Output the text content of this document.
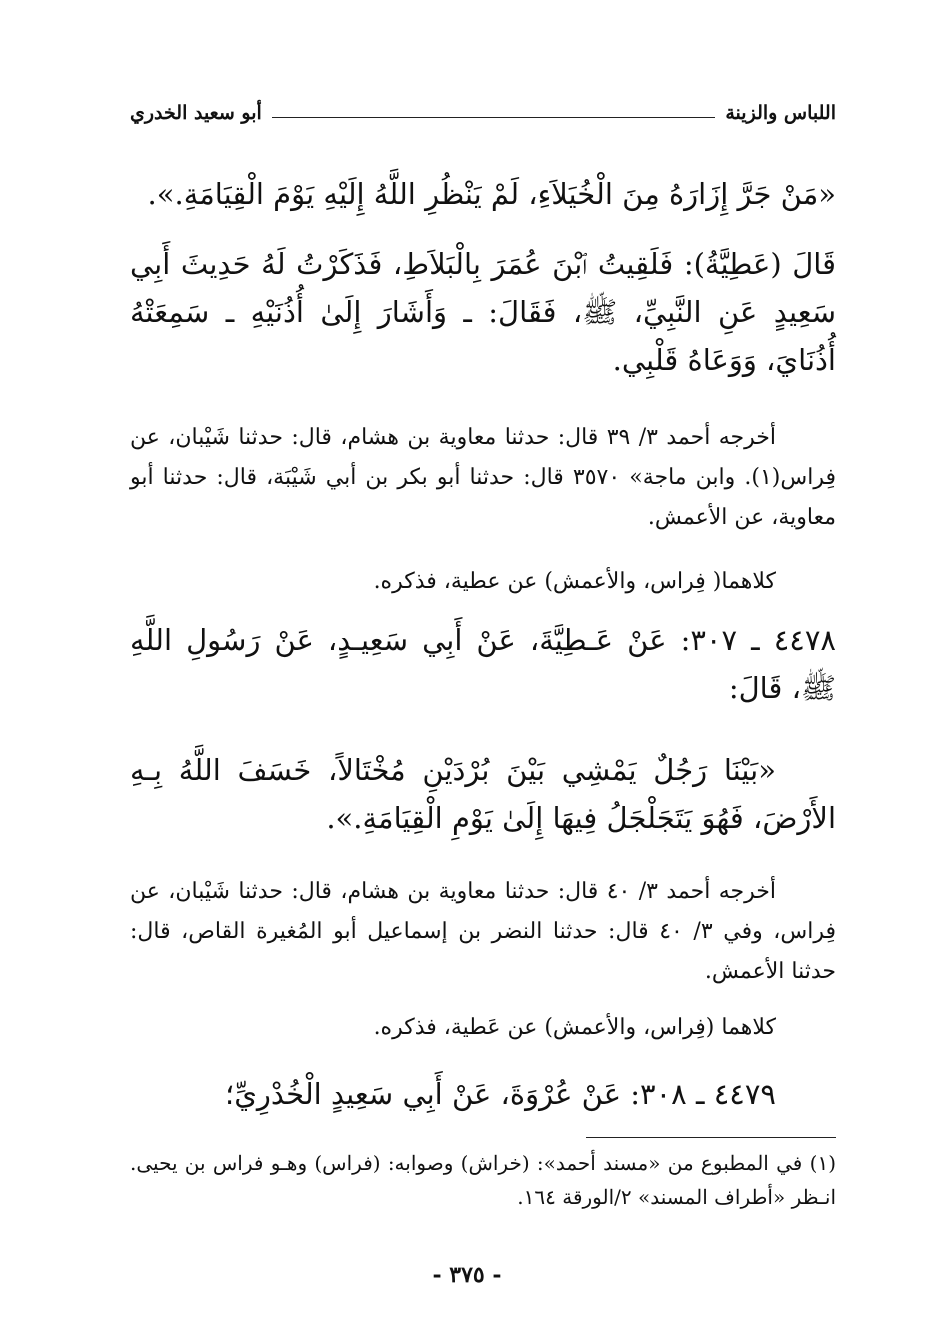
اللباس والزينة
أبو سعيد الخدري
«مَنْ جَرَّ إِزَارَهُ مِنَ الْخُيَلاَءِ، لَمْ يَنْظُرِ اللَّهُ إِلَيْهِ يَوْمَ الْقِيَامَةِ.».
قَالَ (عَطِيَّةُ): فَلَقِيتُ ٱبْنَ عُمَرَ بِالْبَلاَطِ، فَذَكَرْتُ لَهُ حَدِيثَ أَبِي سَعِيدٍ عَنِ النَّبِيِّ، ﷺ، فَقَالَ: ـ وَأَشَارَ إِلَىٰ أُذُنَيْهِ ـ سَمِعَتْهُ أُذُنَايَ، وَوَعَاهُ قَلْبِي.
أخرجه أحمد ٣/ ٣٩ قال: حدثنا معاوية بن هشام، قال: حدثنا شَيْبان، عن فِراس(١). وابن ماجة» ٣٥٧٠ قال: حدثنا أبو بكر بن أبي شَيْبَة، قال: حدثنا أبو معاوية، عن الأعمش.
كلاهما( فِراس، والأعمش) عن عطية، فذكره.
٤٤٧٨ ـ ٣٠٧: عَنْ عَـطِيَّةَ، عَنْ أَبِي سَعِيـدٍ، عَنْ رَسُولِ اللَّهِ ﷺ، قَالَ:
«بَيْنَا رَجُلٌ يَمْشِي بَيْنَ بُرْدَيْنِ مُخْتَالاً، خَسَفَ اللَّهُ بِـهِ الأَرْضَ، فَهُوَ يَتَجَلْجَلُ فِيهَا إِلَىٰ يَوْمِ الْقِيَامَةِ.».
أخرجه أحمد ٣/ ٤٠ قال: حدثنا معاوية بن هشام، قال: حدثنا شَيْبان، عن فِراس، وفي ٣/ ٤٠ قال: حدثنا النضر بن إسماعيل أبو المُغيرة القاص، قال: حدثنا الأعمش.
كلاهما (فِراس، والأعمش) عن عَطية، فذكره.
٤٤٧٩ ـ ٣٠٨: عَنْ عُرْوَةَ، عَنْ أَبِي سَعِيدٍ الْخُدْرِيِّ؛
(١) في المطبوع من «مسند أحمد»: (خراش) وصوابه: (فراس) وهـو فراس بن يحيى. انـظر «أطراف المسند» ٢/الورقة ١٦٤.
- ٣٧٥ -
